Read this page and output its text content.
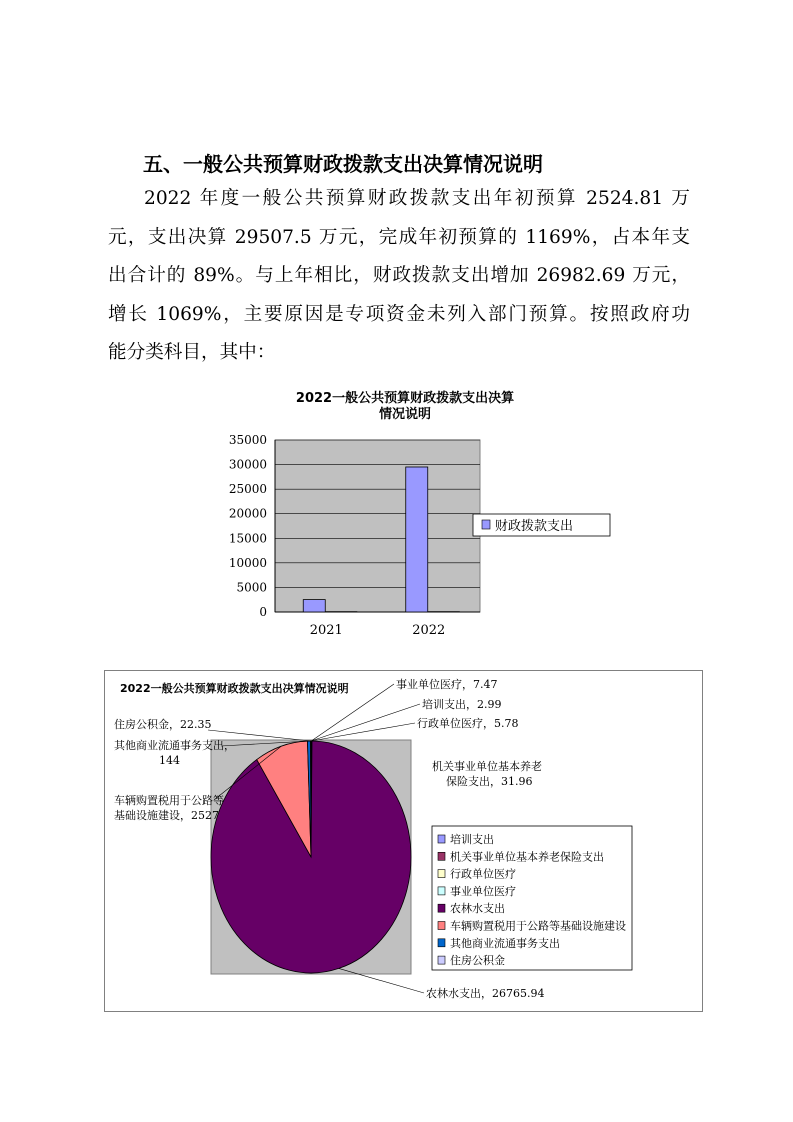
五、一般公共预算财政拨款支出决算情况说明
2022 年度一般公共预算财政拨款支出年初预算 2524.81 万
元，支出决算 29507.5 万元，完成年初预算的 1169%，占本年支
出合计的 89%。与上年相比，财政拨款支出增加 26982.69 万元，
增长 1069%，主要原因是专项资金未列入部门预算。按照政府功
能分类科目，其中：
2022一般公共预算财政拨款支出决算
情况说明
35000
30000
25000
20000
15000
10000
5000
0
2021	2022
财政拨款支出
2022一般公共预算财政拨款支出决算情况说明	事业单位医疗，7.47
培训支出，2.99
行政单位医疗，5.78
机关事业单位基本养老
保险支出，31.96
住房公积金，22.35
其他商业流通事务支出，
144
车辆购置税用于公路等
基础设施建设，2527
农林水支出，26765.94
培训支出
机关事业单位基本养老保险支出
行政单位医疗
事业单位医疗
农林水支出
车辆购置税用于公路等基础设施建设
其他商业流通事务支出
住房公积金
